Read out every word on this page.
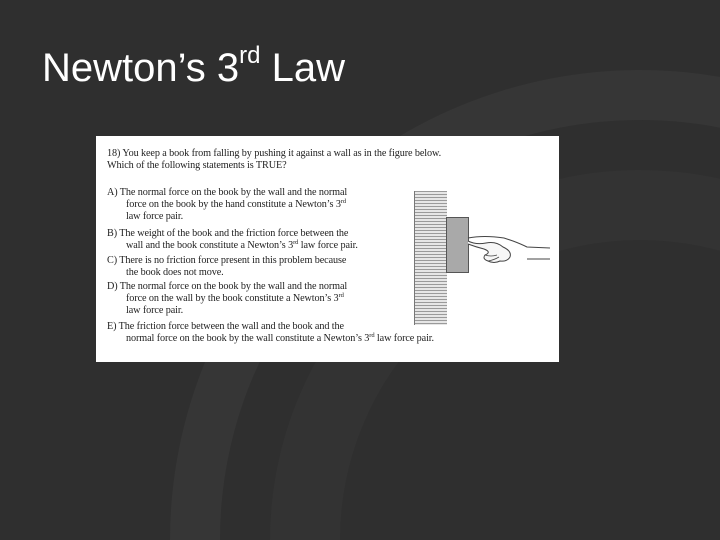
Newton’s 3rd Law
18) You keep a book from falling by pushing it against a wall as in the figure below.
Which of the following statements is TRUE?
A) The normal force on the book by the wall and the normal
force on the book by the hand constitute a Newton’s 3rd
law force pair.
B) The weight of the book and the friction force between the
wall and the book constitute a Newton’s 3rd law force pair.
C) There is no friction force present in this problem because
the book does not move.
D) The normal force on the book by the wall and the normal
force on the wall by the book constitute a Newton’s 3rd
law force pair.
E) The friction force between the wall and the book and the
normal force on the book by the wall constitute a Newton’s 3rd law force pair.
